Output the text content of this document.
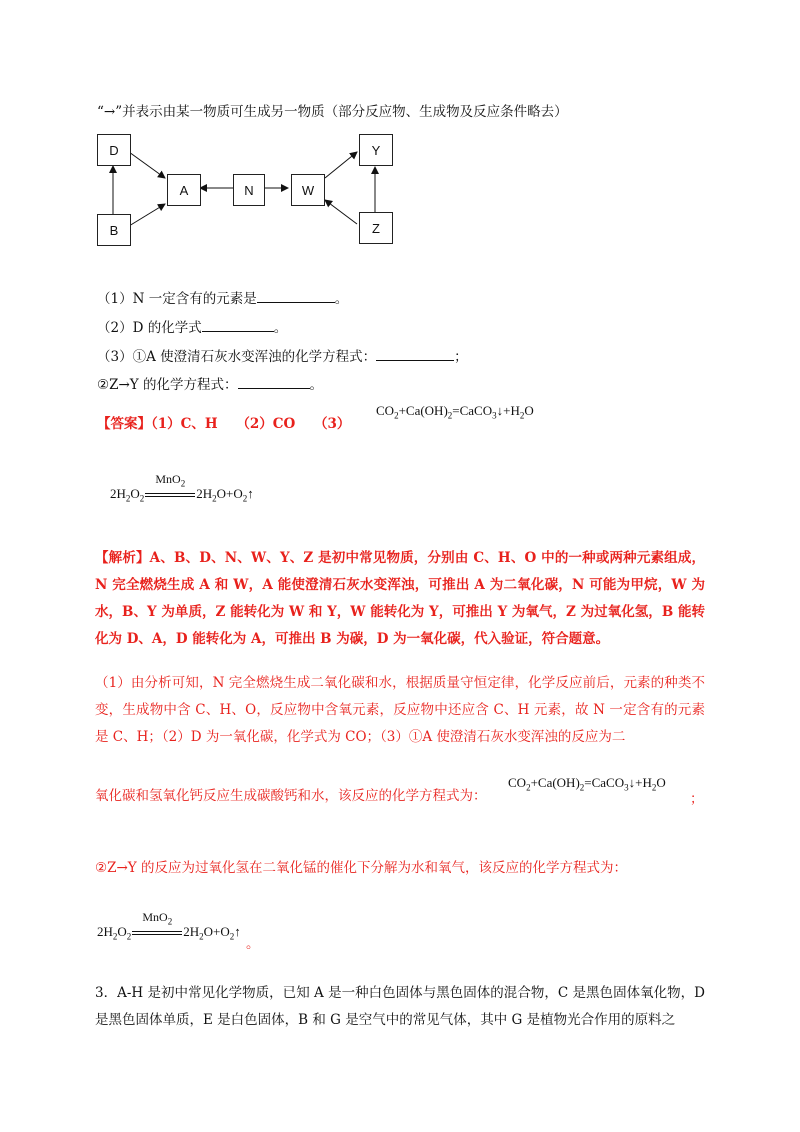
“→”并表示由某一物质可生成另一物质（部分反应物、生成物及反应条件略去）
D
B
A	N	W
Y
Z
（1）N 一定含有的元素是	。
（2）D 的化学式	。
（3）①A 使澄清石灰水变浑浊的化学方程式：	；
②Z→Y 的化学方程式：	。
【答案】（1）C、H （2）CO （3）
$CO_2+Ca(OH)_2=CaCO_3↓+H_2O$
$2H_2O_2$
MnO$_2$
$2H_2O+O_2↑$
【解析】A、B、D、N、W、Y、Z 是初中常见物质，分别由 C、H、O 中的一种或两种元素组成，N 完全燃烧生成 A 和 W，A 能使澄清石灰水变浑浊，可推出 A 为二氧化碳，N 可能为甲烷，W 为水，B、Y 为单质，Z 能转化为 W 和 Y，W 能转化为 Y，可推出 Y 为氧气，Z 为过氧化氢，B 能转化为 D、A，D 能转化为 A，可推出 B 为碳，D 为一氧化碳，代入验证，符合题意。
（1）由分析可知，N 完全燃烧生成二氧化碳和水，根据质量守恒定律，化学反应前后，元素的种类不变，生成物中含 C、H、O，反应物中含氧元素，反应物中还应含 C、H 元素，故 N 一定含有的元素是 C、H；（2）D 为一氧化碳，化学式为 CO；（3）①A 使澄清石灰水变浑浊的反应为二
氧化碳和氢氧化钙反应生成碳酸钙和水，该反应的化学方程式为：
$CO_2+Ca(OH)_2=CaCO_3↓+H_2O$
；
②Z→Y 的反应为过氧化氢在二氧化锰的催化下分解为水和氧气，该反应的化学方程式为：
$2H_2O_2$
MnO$_2$
$2H_2O+O_2↑$
。
3．A-H 是初中常见化学物质，已知 A 是一种白色固体与黑色固体的混合物，C 是黑色固体氧化物，D 是黑色固体单质，E 是白色固体，B 和 G 是空气中的常见气体，其中 G 是植物光合作用的原料之
